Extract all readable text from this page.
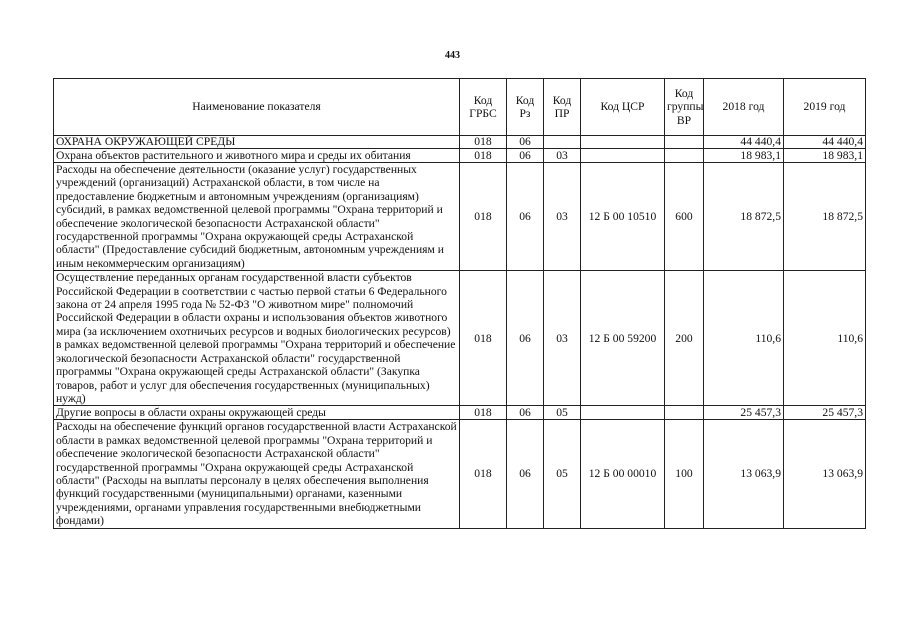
443
Наименование показателя	Код ГРБС	Код Рз	Код ПР	Код ЦСР	Код группы ВР	2018 год	2019 год
ОХРАНА ОКРУЖАЮЩЕЙ СРЕДЫ	018	06				44 440,4	44 440,4
Охрана объектов растительного и животного мира и среды их обитания	018	06	03			18 983,1	18 983,1
Расходы на обеспечение деятельности (оказание услуг) государственных учреждений (организаций) Астраханской области, в том числе на предоставление бюджетным и автономным учреждениям (организациям) субсидий, в рамках ведомственной целевой программы "Охрана территорий и обеспечение экологической безопасности Астраханской области" государственной программы "Охрана окружающей среды Астраханской области" (Предоставление субсидий бюджетным, автономным учреждениям и иным некоммерческим организациям)	018	06	03	12 Б 00 10510	600	18 872,5	18 872,5
Осуществление переданных органам государственной власти субъектов Российской Федерации в соответствии с частью первой статьи 6 Федерального закона от 24 апреля 1995 года № 52-ФЗ "О животном мире" полномочий Российской Федерации в области охраны и использования объектов животного мира (за исключением охотничьих ресурсов и водных биологических ресурсов) в рамках ведомственной целевой программы "Охрана территорий и обеспечение экологической безопасности Астраханской области" государственной программы "Охрана окружающей среды Астраханской области" (Закупка товаров, работ и услуг для обеспечения государственных (муниципальных) нужд)	018	06	03	12 Б 00 59200	200	110,6	110,6
Другие вопросы в области охраны окружающей среды	018	06	05			25 457,3	25 457,3
Расходы на обеспечение функций органов государственной власти Астраханской области в рамках ведомственной целевой программы "Охрана территорий и обеспечение экологической безопасности Астраханской области" государственной программы "Охрана окружающей среды Астраханской области" (Расходы на выплаты персоналу в целях обеспечения выполнения функций государственными (муниципальными) органами, казенными учреждениями, органами управления государственными внебюджетными фондами)	018	06	05	12 Б 00 00010	100	13 063,9	13 063,9
